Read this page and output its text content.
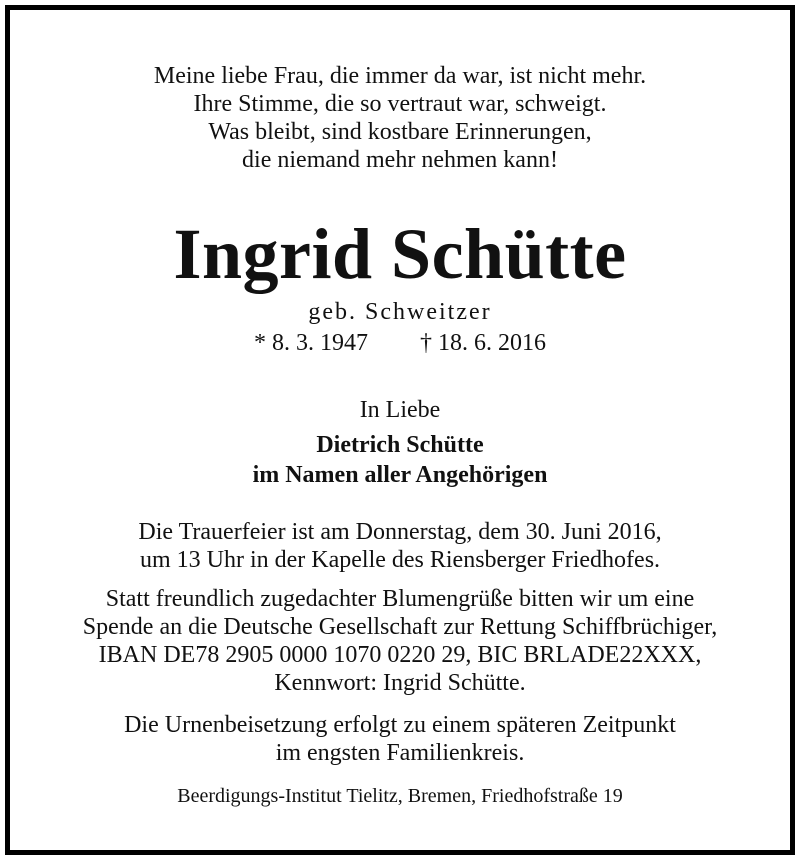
Meine liebe Frau, die immer da war, ist nicht mehr.
Ihre Stimme, die so vertraut war, schweigt.
Was bleibt, sind kostbare Erinnerungen,
die niemand mehr nehmen kann!
Ingrid Schütte
geb. Schweitzer
* 8. 3. 1947 † 18. 6. 2016
In Liebe
Dietrich Schütte
im Namen aller Angehörigen
Die Trauerfeier ist am Donnerstag, dem 30. Juni 2016,
um 13 Uhr in der Kapelle des Riensberger Friedhofes.
Statt freundlich zugedachter Blumengrüße bitten wir um eine
Spende an die Deutsche Gesellschaft zur Rettung Schiffbrüchiger,
IBAN DE78 2905 0000 1070 0220 29, BIC BRLADE22XXX,
Kennwort: Ingrid Schütte.
Die Urnenbeisetzung erfolgt zu einem späteren Zeitpunkt
im engsten Familienkreis.
Beerdigungs-Institut Tielitz, Bremen, Friedhofstraße 19
